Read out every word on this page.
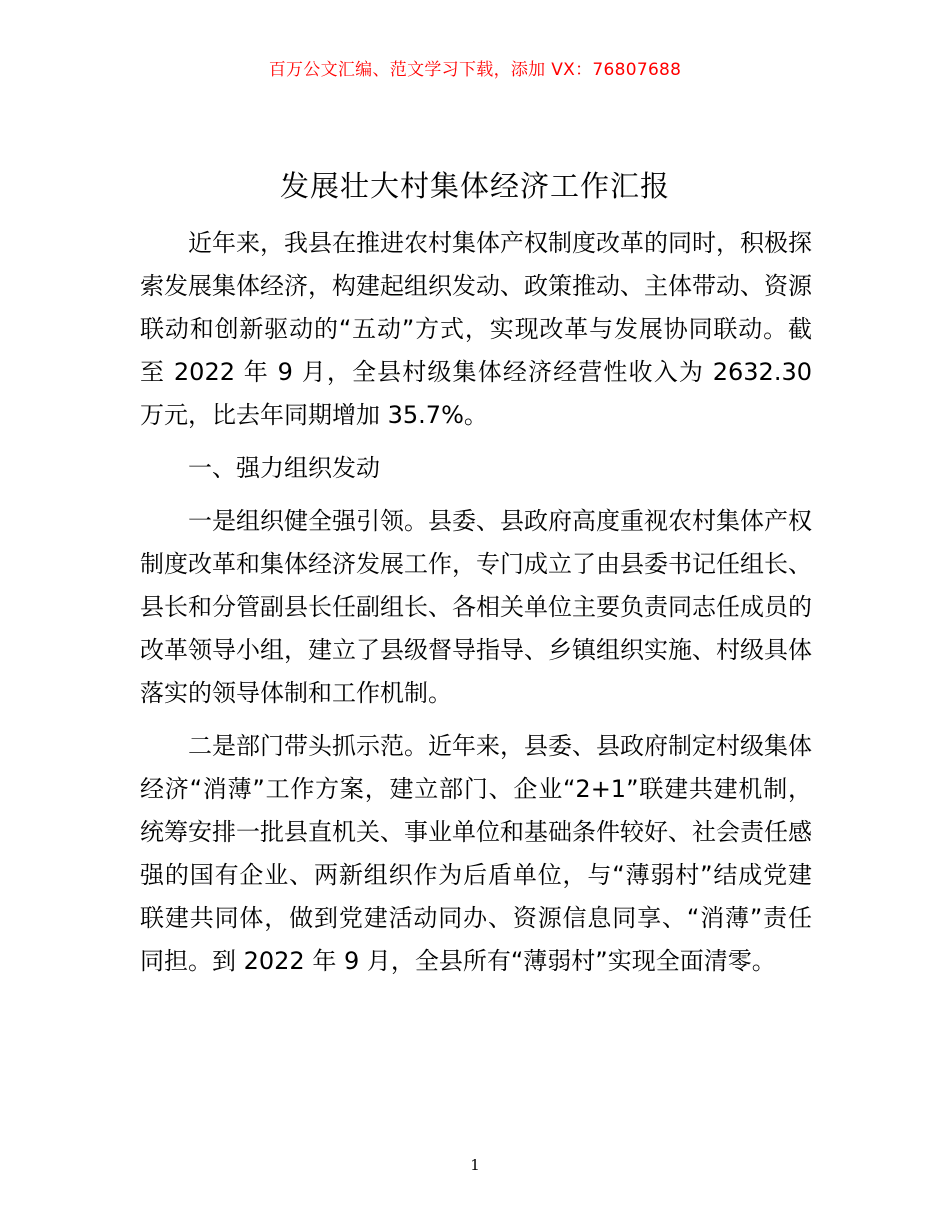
百万公文汇编、范文学习下载，添加 VX：76807688
发展壮大村集体经济工作汇报

近年来，我县在推进农村集体产权制度改革的同时，积极探索发展集体经济，构建起组织发动、政策推动、主体带动、资源联动和创新驱动的“五动”方式，实现改革与发展协同联动。截至 2022 年 9 月，全县村级集体经济经营性收入为 2632.30 万元，比去年同期增加 35.7%。

一、强力组织发动

一是组织健全强引领。县委、县政府高度重视农村集体产权制度改革和集体经济发展工作，专门成立了由县委书记任组长、县长和分管副县长任副组长、各相关单位主要负责同志任成员的改革领导小组，建立了县级督导指导、乡镇组织实施、村级具体落实的领导体制和工作机制。

二是部门带头抓示范。近年来，县委、县政府制定村级集体经济“消薄”工作方案，建立部门、企业“2+1”联建共建机制，统筹安排一批县直机关、事业单位和基础条件较好、社会责任感强的国有企业、两新组织作为后盾单位，与“薄弱村”结成党建联建共同体，做到党建活动同办、资源信息同享、“消薄”责任同担。到 2022 年 9 月，全县所有“薄弱村”实现全面清零。

1
